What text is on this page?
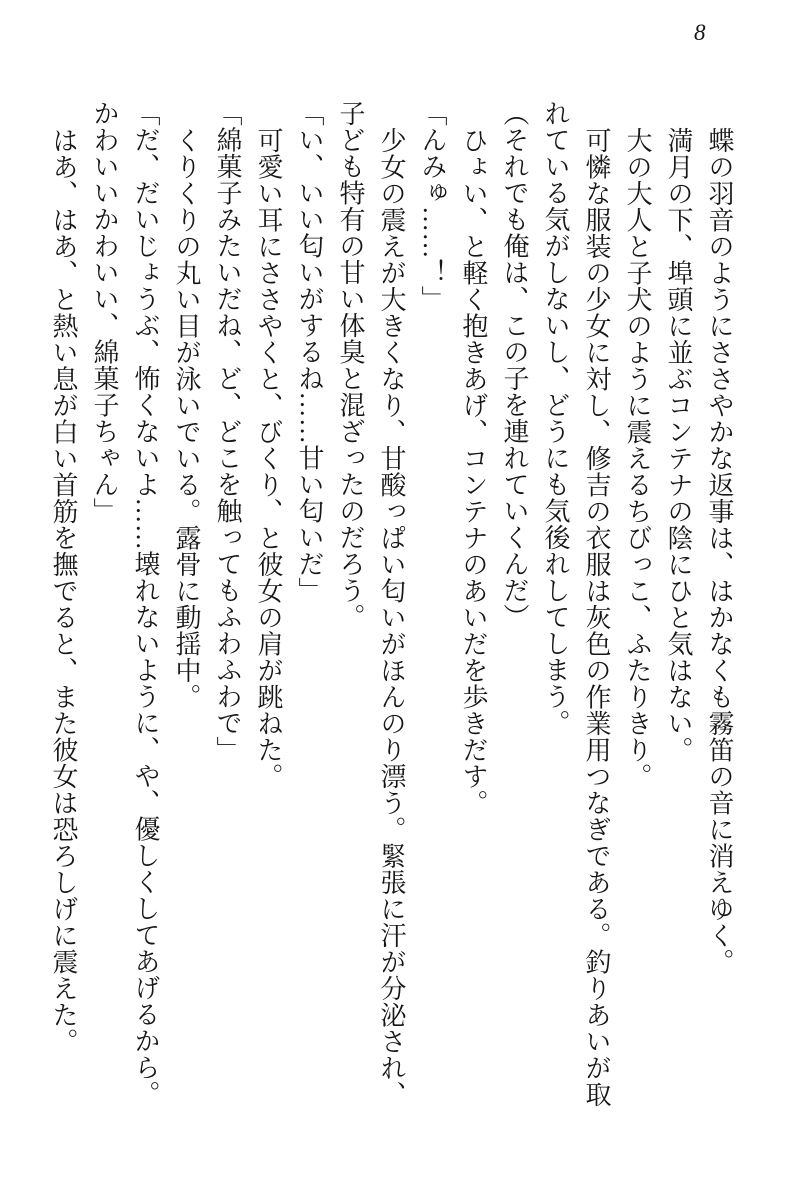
8

蝶の羽音のようにささやかな返事は、はかなくも霧笛の音に消えゆく。

満月の下、埠頭に並ぶコンテナの陰にひと気はない。

大の大人と子犬のように震えるちびっこ、ふたりきり。

可憐な服装の少女に対し、修吉の衣服は灰色の作業用つなぎである。釣りあいが取

れている気がしないし、どうにも気後れしてしまう。

（それでも俺は、この子を連れていくんだ）

ひょい、と軽く抱きあげ、コンテナのあいだを歩きだす。

「んみゅ……！」

少女の震えが大きくなり、甘酸っぱい匂いがほんのり漂う。緊張に汗が分泌され、

子ども特有の甘い体臭と混ざったのだろう。

「い、いい匂いがするね……甘い匂いだ」

可愛い耳にささやくと、びくり、と彼女の肩が跳ねた。

「綿菓子みたいだね、ど、どこを触ってもふわふわで」

くりくりの丸い目が泳いでいる。露骨に動揺中。

「だ、だいじょうぶ、怖くないよ……壊れないように、や、優しくしてあげるから。

かわいいかわいい、綿菓子ちゃん」

はあ、はあ、と熱い息が白い首筋を撫でると、また彼女は恐ろしげに震えた。
